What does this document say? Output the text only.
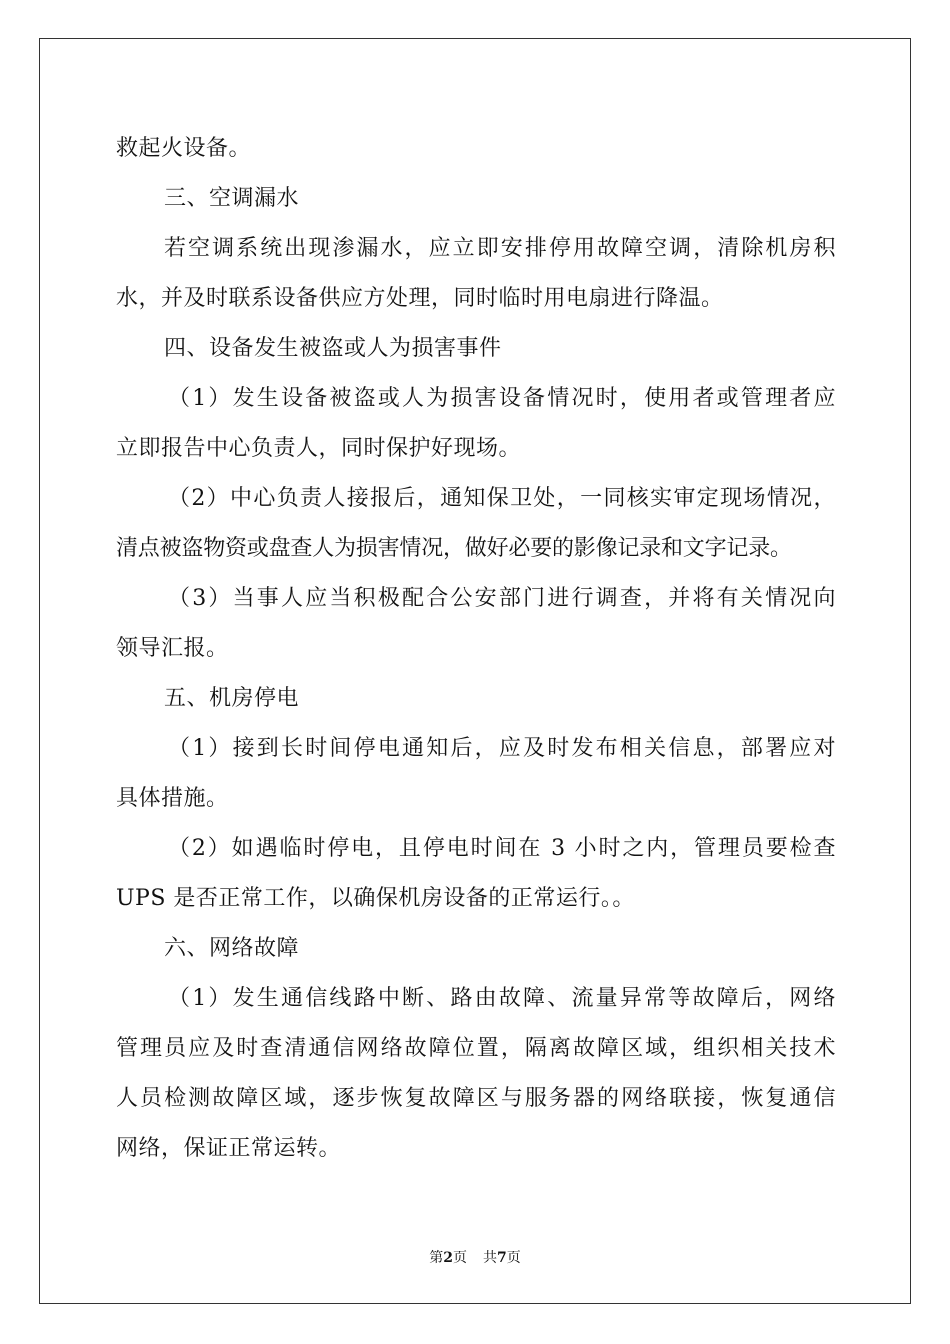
救起火设备。
三、空调漏水
若空调系统出现渗漏水，应立即安排停用故障空调，清除机房积
水，并及时联系设备供应方处理，同时临时用电扇进行降温。
四、设备发生被盗或人为损害事件
（1）发生设备被盗或人为损害设备情况时，使用者或管理者应
立即报告中心负责人，同时保护好现场。
（2）中心负责人接报后，通知保卫处，一同核实审定现场情况，
清点被盗物资或盘查人为损害情况，做好必要的影像记录和文字记录。
（3）当事人应当积极配合公安部门进行调查，并将有关情况向
领导汇报。
五、机房停电
（1）接到长时间停电通知后，应及时发布相关信息，部署应对
具体措施。
（2）如遇临时停电，且停电时间在 3 小时之内，管理员要检查
UPS 是否正常工作，以确保机房设备的正常运行。。
六、网络故障
（1）发生通信线路中断、路由故障、流量异常等故障后，网络
管理员应及时查清通信网络故障位置，隔离故障区域，组织相关技术
人员检测故障区域，逐步恢复故障区与服务器的网络联接，恢复通信
网络，保证正常运转。
第2页 共7页
